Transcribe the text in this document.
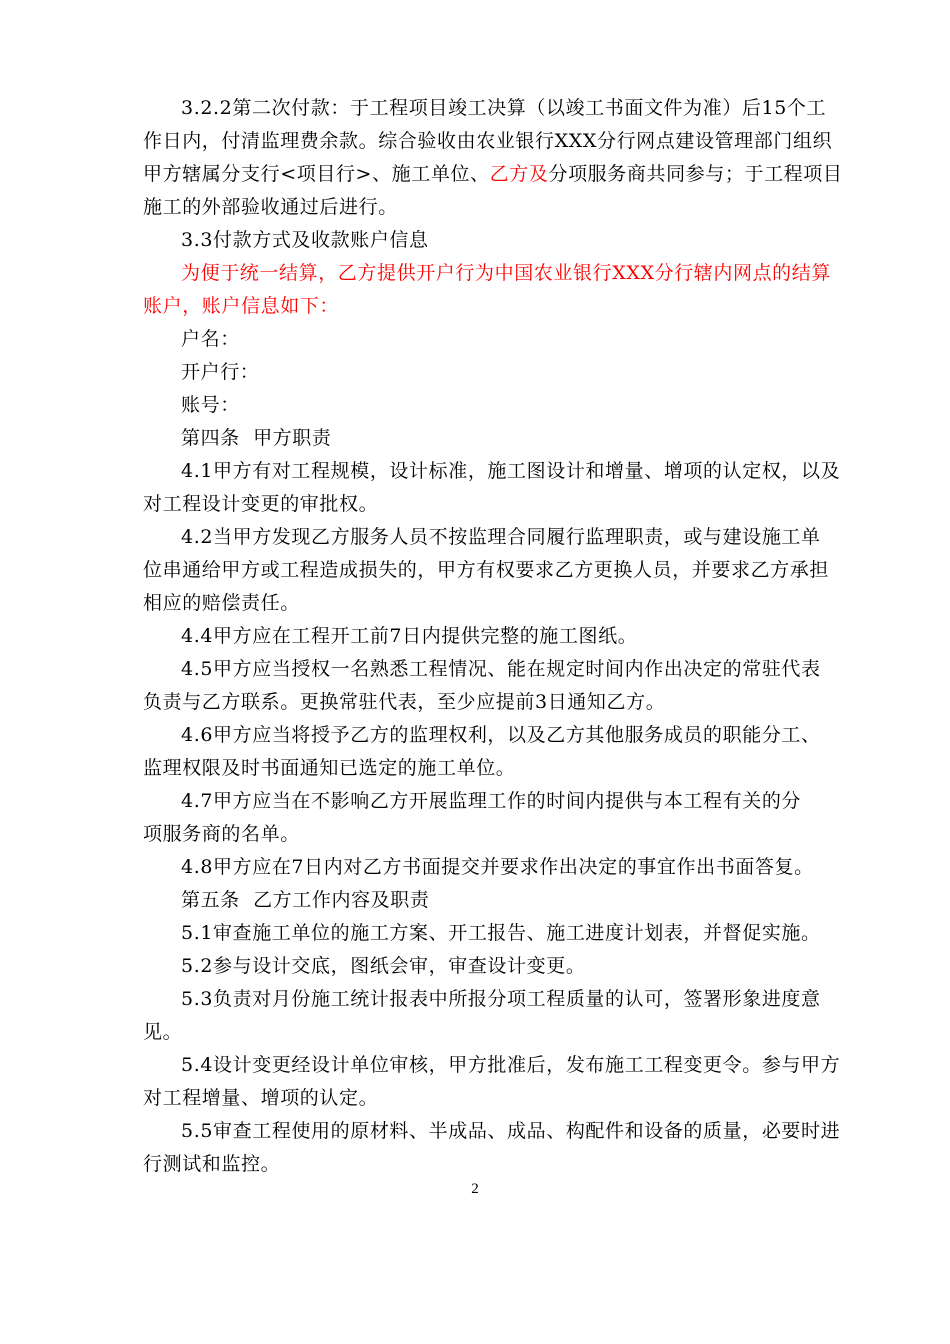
3.2.2第二次付款：于工程项目竣工决算（以竣工书面文件为准）后15个工
作日内，付清监理费余款。综合验收由农业银行XXX分行网点建设管理部门组织
甲方辖属分支行<项目行>、施工单位、乙方及分项服务商共同参与；于工程项目
施工的外部验收通过后进行。
3.3付款方式及收款账户信息
为便于统一结算，乙方提供开户行为中国农业银行XXX分行辖内网点的结算
账户，账户信息如下：
户名：
开户行：
账号：
第四条  甲方职责
4.1甲方有对工程规模，设计标准，施工图设计和增量、增项的认定权，以及
对工程设计变更的审批权。
4.2当甲方发现乙方服务人员不按监理合同履行监理职责，或与建设施工单
位串通给甲方或工程造成损失的，甲方有权要求乙方更换人员，并要求乙方承担
相应的赔偿责任。
4.4甲方应在工程开工前7日内提供完整的施工图纸。
4.5甲方应当授权一名熟悉工程情况、能在规定时间内作出决定的常驻代表
负责与乙方联系。更换常驻代表，至少应提前3日通知乙方。
4.6甲方应当将授予乙方的监理权利，以及乙方其他服务成员的职能分工、
监理权限及时书面通知已选定的施工单位。
4.7甲方应当在不影响乙方开展监理工作的时间内提供与本工程有关的分
项服务商的名单。
4.8甲方应在7日内对乙方书面提交并要求作出决定的事宜作出书面答复。
第五条  乙方工作内容及职责
5.1审查施工单位的施工方案、开工报告、施工进度计划表，并督促实施。
5.2参与设计交底，图纸会审，审查设计变更。
5.3负责对月份施工统计报表中所报分项工程质量的认可，签署形象进度意
见。
5.4设计变更经设计单位审核，甲方批准后，发布施工工程变更令。参与甲方
对工程增量、增项的认定。
5.5审查工程使用的原材料、半成品、成品、构配件和设备的质量，必要时进
行测试和监控。
2
